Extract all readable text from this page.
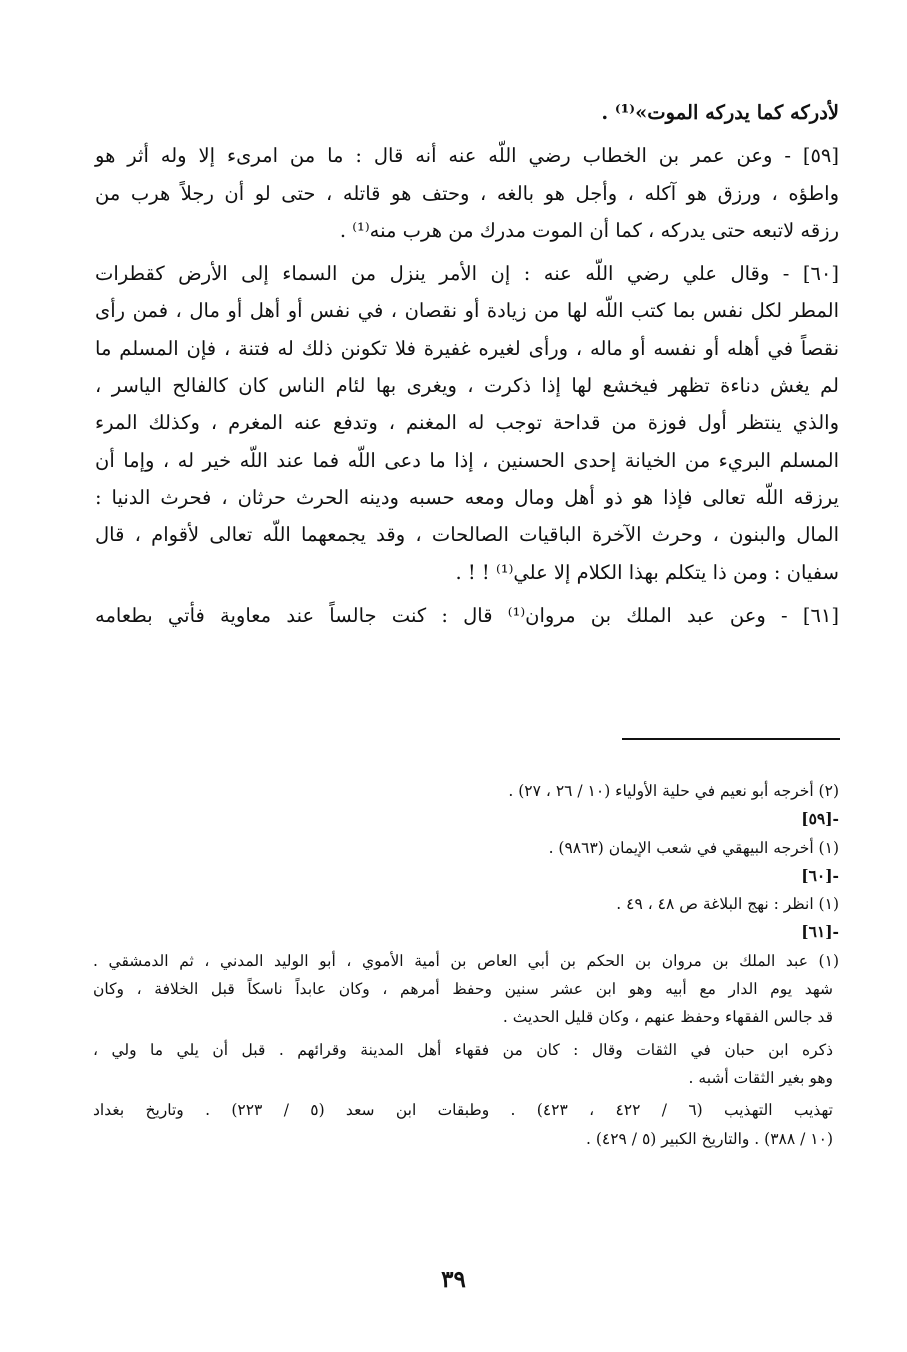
لأدركه كما يدركه الموت»⁽¹⁾ .
[٥٩] - وعن عمر بن الخطاب رضي اللّه عنه أنه قال : ما من امرىء إلا وله أثر هو
واطؤه ، ورزق هو آكله ، وأجل هو بالغه ، وحتف هو قاتله ، حتى لو أن رجلاً هرب من
رزقه لاتبعه حتى يدركه ، كما أن الموت مدرك من هرب منه⁽¹⁾ .
[٦٠] - وقال علي رضي اللّه عنه : إن الأمر ينزل من السماء إلى الأرض كقطرات
المطر لكل نفس بما كتب اللّه لها من زيادة أو نقصان ، في نفس أو أهل أو مال ، فمن رأى
نقصاً في أهله أو نفسه أو ماله ، ورأى لغيره غفيرة فلا تكونن ذلك له فتنة ، فإن المسلم ما
لم يغش دناءة تظهر فيخشع لها إذا ذكرت ، ويغرى بها لئام الناس كان كالفالح الياسر ،
والذي ينتظر أول فوزة من قداحة توجب له المغنم ، وتدفع عنه المغرم ، وكذلك المرء
المسلم البريء من الخيانة إحدى الحسنين ، إذا ما دعى اللّه فما عند اللّه خير له ، وإما أن
يرزقه اللّه تعالى فإذا هو ذو أهل ومال ومعه حسبه ودينه الحرث حرثان ، فحرث الدنيا :
المال والبنون ، وحرث الآخرة الباقيات الصالحات ، وقد يجمعهما اللّه تعالى لأقوام ، قال
سفيان : ومن ذا يتكلم بهذا الكلام إلا علي⁽¹⁾ ! ! .
[٦١] - وعن عبد الملك بن مروان⁽¹⁾ قال : كنت جالساً عند معاوية فأتي بطعامه
(٢) أخرجه أبو نعيم في حلية الأولياء (١٠ / ٢٦ ، ٢٧) .
-[٥٩]
(١) أخرجه البيهقي في شعب الإيمان (٩٨٦٣) .
-[٦٠]
(١) انظر : نهج البلاغة ص ٤٨ ، ٤٩ .
-[٦١]
(١) عبد الملك بن مروان بن الحكم بن أبي العاص بن أمية الأموي ، أبو الوليد المدني ، ثم الدمشقي .
شهد يوم الدار مع أبيه وهو ابن عشر سنين وحفظ أمرهم ، وكان عابداً ناسكاً قبل الخلافة ، وكان
قد جالس الفقهاء وحفظ عنهم ، وكان قليل الحديث .
ذكره ابن حبان في الثقات وقال : كان من فقهاء أهل المدينة وقرائهم . قبل أن يلي ما ولي ،
وهو بغير الثقات أشبه .
تهذيب التهذيب (٦ / ٤٢٢ ، ٤٢٣) . وطبقات ابن سعد (٥ / ٢٢٣) . وتاريخ بغداد
(١٠ / ٣٨٨) . والتاريخ الكبير (٥ / ٤٢٩) .
٣٩
